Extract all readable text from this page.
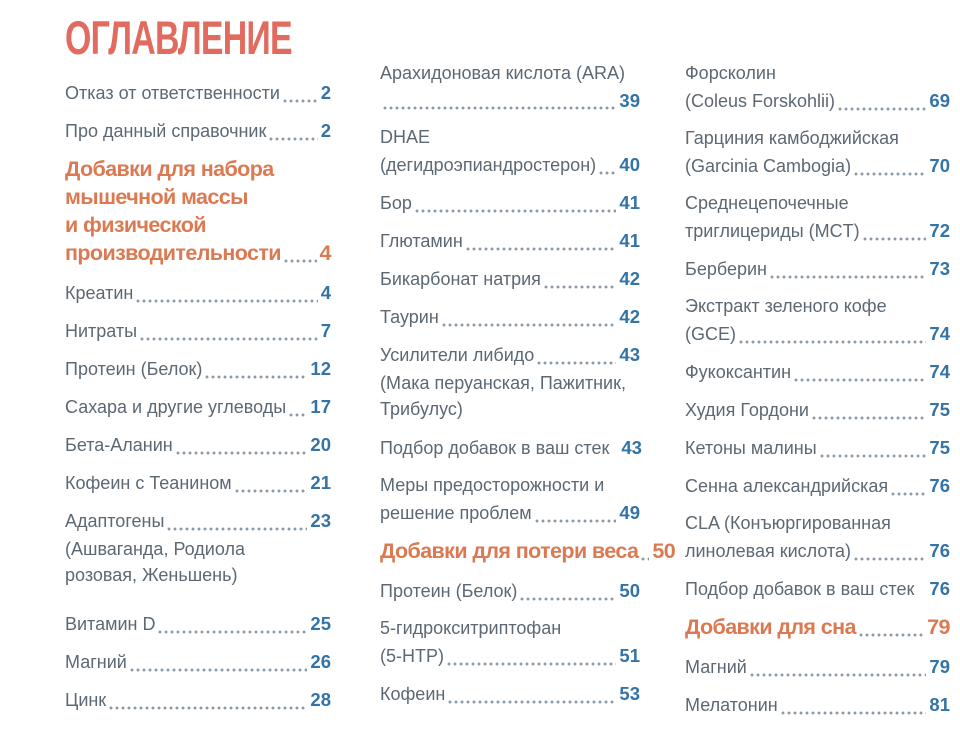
ОГЛАВЛЕНИЕ
Отказ от ответственности 2
Про данный справочник	2
Добавки для набора
мышечной массы
и физической
производительности 4
Креатин	4
Нитраты	7
Протеин (Белок)	12
Сахара и другие углеводы 17
Бета-Аланин	20
Кофеин с Теанином	21
Адаптогены	23
(Ашваганда, Родиола
розовая, Женьшень)
Витамин D	25
Магний	26
Цинк	28
Арахидоновая кислота (ARA)
39
DHAE
(дегидроэпиандростерон) 40
Бор	41
Глютамин	41
Бикарбонат натрия	42
Таурин	42
Усилители либидо	43
(Мака перуанская, Пажитник,
Трибулус)
Подбор добавок в ваш стек 43
Меры предосторожности и
решение проблем	49
Добавки для потери веса 50
Протеин (Белок)	50
5-гидрокситриптофан
(5-HTP)	51
Кофеин	53
Форсколин
(Coleus Forskohlii)	69
Гарциния камбоджийская
(Garcinia Cambogia)	70
Среднецепочечные
триглицериды (MCT)	72
Берберин	73
Экстракт зеленого кофе
(GCE)	74
Фукоксантин	74
Худия Гордони	75
Кетоны малины	75
Сенна александрийская 76
CLA (Конъюргированная
линолевая кислота)	76
Подбор добавок в ваш стек 76
Добавки для сна	79
Магний	79
Мелатонин	81
